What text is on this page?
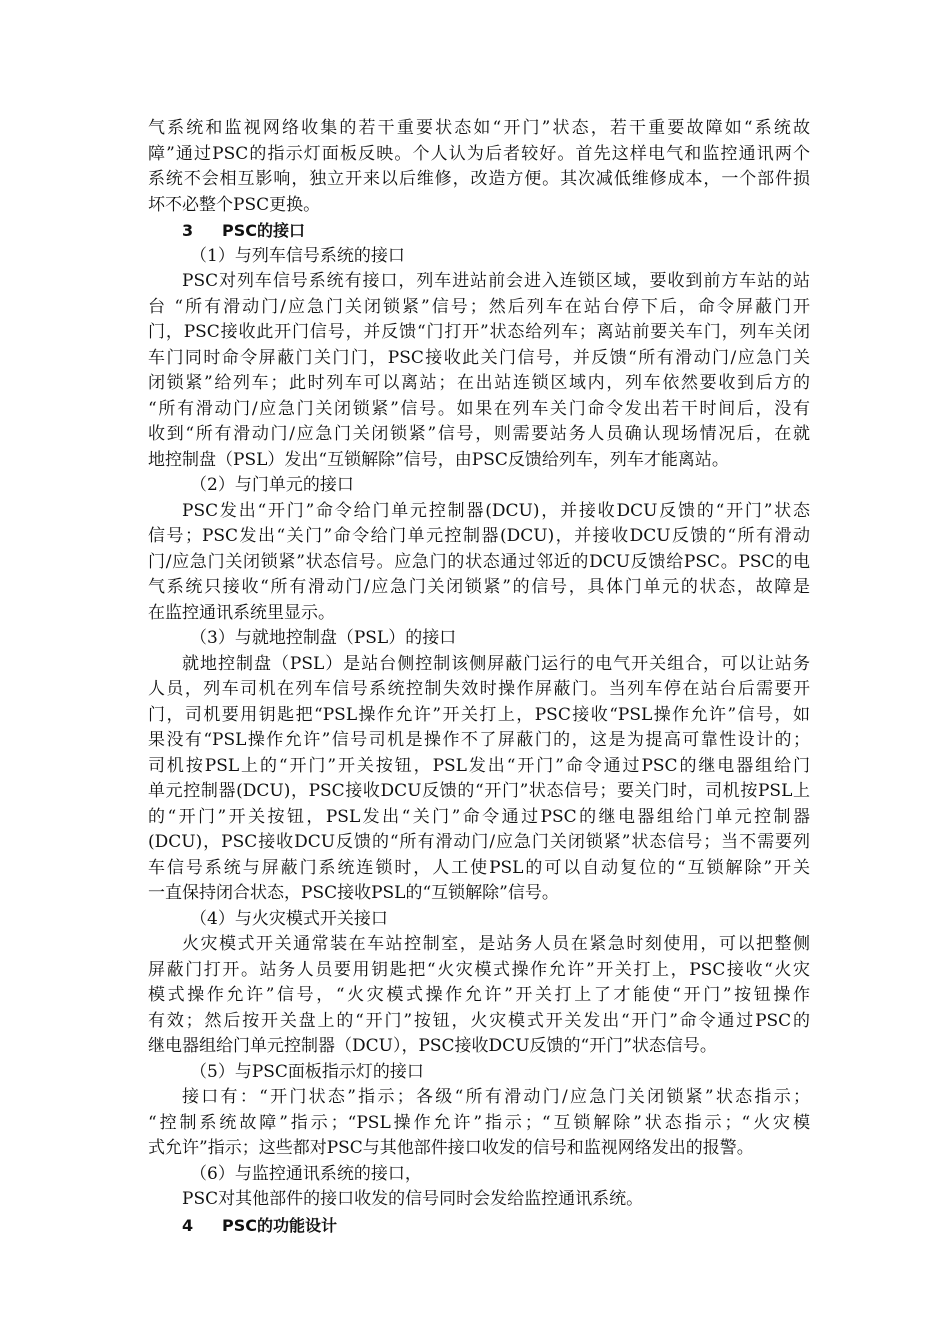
气系统和监视网络收集的若干重要状态如“开门”状态，若干重要故障如“系统故
障”通过PSC的指示灯面板反映。个人认为后者较好。首先这样电气和监控通讯两个
系统不会相互影响，独立开来以后维修，改造方便。其次减低维修成本，一个部件损
坏不必整个PSC更换。
3 PSC的接口
（1）与列车信号系统的接口
PSC对列车信号系统有接口，列车进站前会进入连锁区域，要收到前方车站的站
台 “所有滑动门/应急门关闭锁紧”信号；然后列车在站台停下后，命令屏蔽门开
门，PSC接收此开门信号，并反馈“门打开”状态给列车；离站前要关车门，列车关闭
车门同时命令屏蔽门关门门，PSC接收此关门信号，并反馈“所有滑动门/应急门关
闭锁紧”给列车；此时列车可以离站；在出站连锁区域内，列车依然要收到后方的
“所有滑动门/应急门关闭锁紧”信号。如果在列车关门命令发出若干时间后，没有
收到“所有滑动门/应急门关闭锁紧”信号，则需要站务人员确认现场情况后，在就
地控制盘（PSL）发出“互锁解除”信号，由PSC反馈给列车，列车才能离站。
（2）与门单元的接口
PSC发出“开门”命令给门单元控制器(DCU)，并接收DCU反馈的“开门”状态
信号；PSC发出“关门”命令给门单元控制器(DCU)，并接收DCU反馈的“所有滑动
门/应急门关闭锁紧”状态信号。应急门的状态通过邻近的DCU反馈给PSC。PSC的电
气系统只接收“所有滑动门/应急门关闭锁紧”的信号，具体门单元的状态，故障是
在监控通讯系统里显示。
（3）与就地控制盘（PSL）的接口
就地控制盘（PSL）是站台侧控制该侧屏蔽门运行的电气开关组合，可以让站务
人员，列车司机在列车信号系统控制失效时操作屏蔽门。当列车停在站台后需要开
门，司机要用钥匙把“PSL操作允许”开关打上，PSC接收“PSL操作允许”信号，如
果没有“PSL操作允许”信号司机是操作不了屏蔽门的，这是为提高可靠性设计的；
司机按PSL上的“开门”开关按钮，PSL发出“开门”命令通过PSC的继电器组给门
单元控制器(DCU)，PSC接收DCU反馈的“开门”状态信号；要关门时，司机按PSL上
的“开门”开关按钮，PSL发出“关门”命令通过PSC的继电器组给门单元控制器
(DCU)，PSC接收DCU反馈的“所有滑动门/应急门关闭锁紧”状态信号；当不需要列
车信号系统与屏蔽门系统连锁时，人工使PSL的可以自动复位的“互锁解除”开关
一直保持闭合状态，PSC接收PSL的“互锁解除”信号。
（4）与火灾模式开关接口
火灾模式开关通常装在车站控制室，是站务人员在紧急时刻使用，可以把整侧
屏蔽门打开。站务人员要用钥匙把“火灾模式操作允许”开关打上，PSC接收“火灾
模式操作允许”信号，“火灾模式操作允许”开关打上了才能使“开门”按钮操作
有效；然后按开关盘上的“开门”按钮，火灾模式开关发出“开门”命令通过PSC的
继电器组给门单元控制器（DCU），PSC接收DCU反馈的“开门”状态信号。
（5）与PSC面板指示灯的接口
接口有：“开门状态”指示；各级“所有滑动门/应急门关闭锁紧”状态指示；
“控制系统故障”指示；“PSL操作允许”指示；“互锁解除”状态指示；“火灾模
式允许”指示；这些都对PSC与其他部件接口收发的信号和监视网络发出的报警。
（6）与监控通讯系统的接口，
PSC对其他部件的接口收发的信号同时会发给监控通讯系统。
4 PSC的功能设计
